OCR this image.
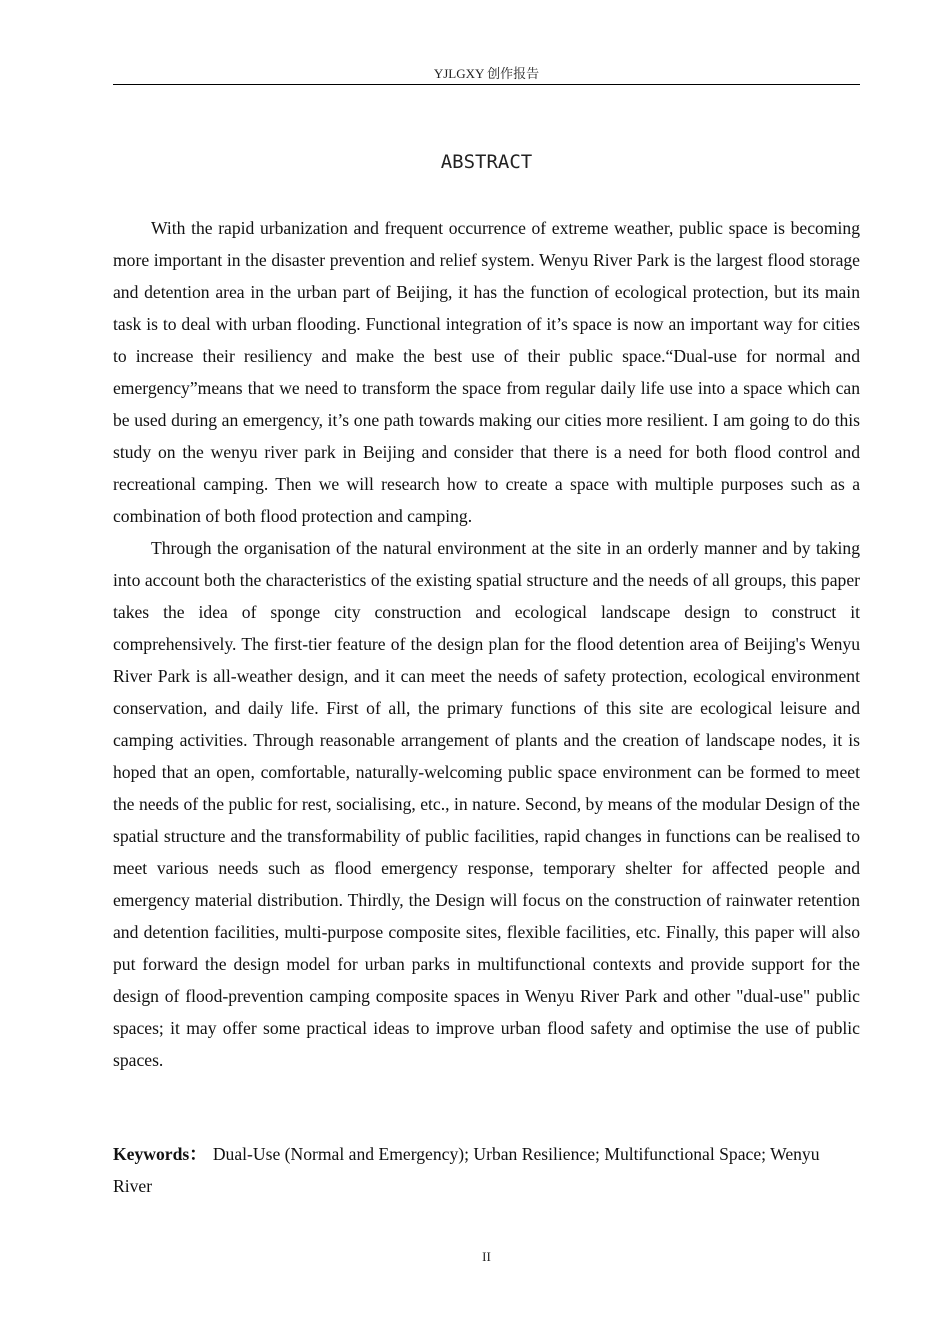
YJLGXY 创作报告
ABSTRACT

With the rapid urbanization and frequent occurrence of extreme weather, public space is becoming more important in the disaster prevention and relief system. Wenyu River Park is the largest flood storage and detention area in the urban part of Beijing, it has the function of ecological protection, but its main task is to deal with urban flooding. Functional integration of it’s space is now an important way for cities to increase their resiliency and make the best use of their public space.“Dual-use for normal and emergency”means that we need to transform the space from regular daily life use into a space which can be used during an emergency, it’s one path towards making our cities more resilient. I am going to do this study on the wenyu river park in Beijing and consider that there is a need for both flood control and recreational camping. Then we will research how to create a space with multiple purposes such as a combination of both flood protection and camping.

Through the organisation of the natural environment at the site in an orderly manner and by taking into account both the characteristics of the existing spatial structure and the needs of all groups, this paper takes the idea of sponge city construction and ecological landscape design to construct it comprehensively. The first-tier feature of the design plan for the flood detention area of Beijing's Wenyu River Park is all-weather design, and it can meet the needs of safety protection, ecological environment conservation, and daily life. First of all, the primary functions of this site are ecological leisure and camping activities. Through reasonable arrangement of plants and the creation of landscape nodes, it is hoped that an open, comfortable, naturally-welcoming public space environment can be formed to meet the needs of the public for rest, socialising, etc., in nature. Second, by means of the modular Design of the spatial structure and the transformability of public facilities, rapid changes in functions can be realised to meet various needs such as flood emergency response, temporary shelter for affected people and emergency material distribution. Thirdly, the Design will focus on the construction of rainwater retention and detention facilities, multi-purpose composite sites, flexible facilities, etc. Finally, this paper will also put forward the design model for urban parks in multifunctional contexts and provide support for the design of flood-prevention camping composite spaces in Wenyu River Park and other "dual-use" public spaces; it may offer some practical ideas to improve urban flood safety and optimise the use of public spaces.

Keywords： Dual-Use (Normal and Emergency); Urban Resilience; Multifunctional Space; Wenyu River
II
